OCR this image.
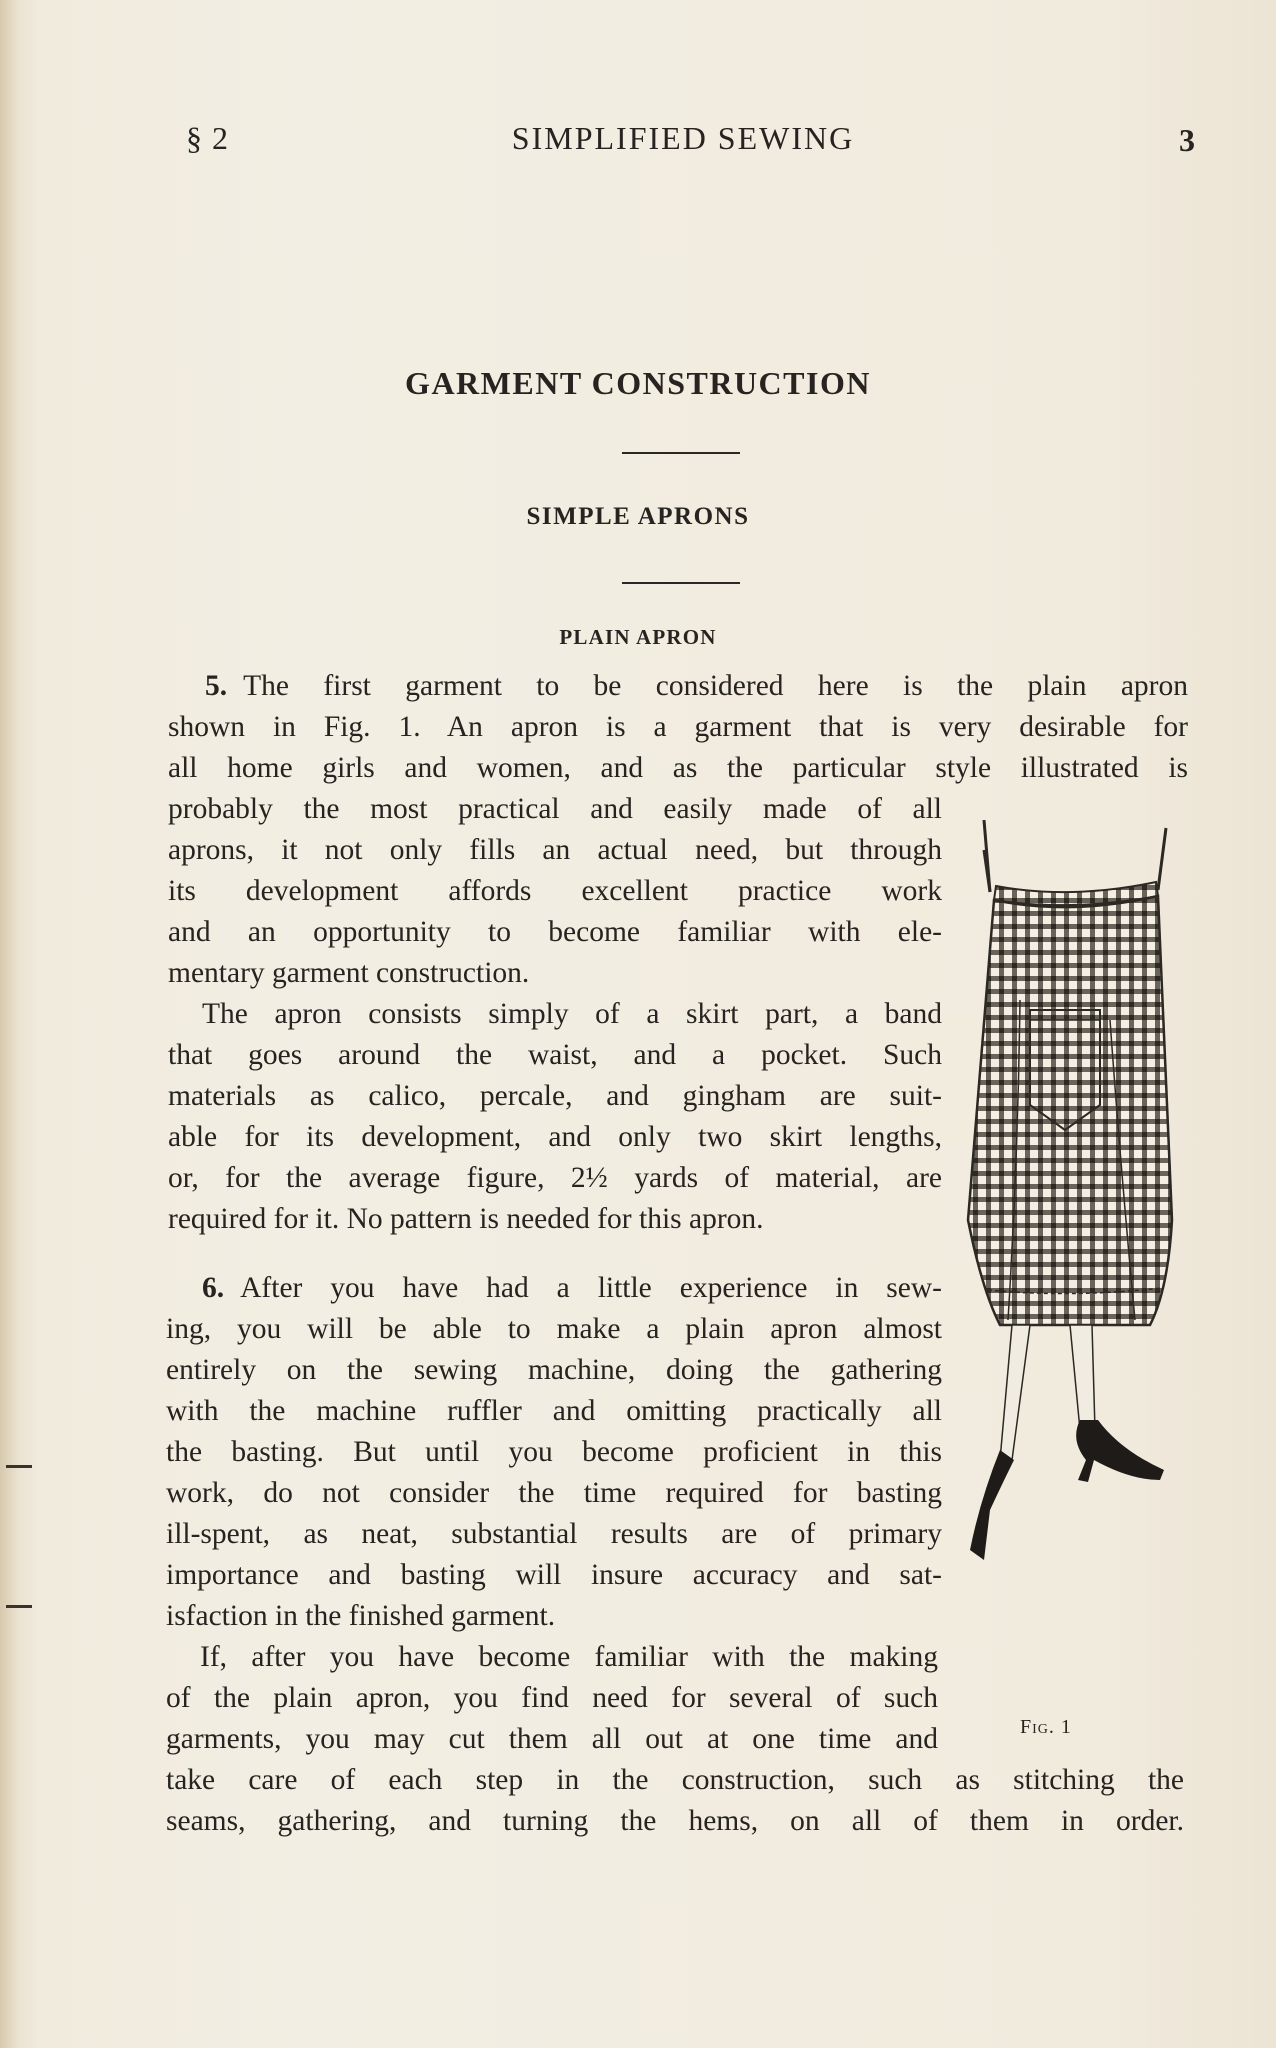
§ 2	SIMPLIFIED SEWING	3
GARMENT CONSTRUCTION
SIMPLE APRONS
PLAIN APRON
5. The first garment to be considered here is the plain apron
shown in Fig. 1. An apron is a garment that is very desirable for
all home girls and women, and as the particular style illustrated is
probably the most practical and easily made of all
aprons, it not only fills an actual need, but through
its development affords excellent practice work
and an opportunity to become familiar with ele-
mentary garment construction.
The apron consists simply of a skirt part, a band
that goes around the waist, and a pocket. Such
materials as calico, percale, and gingham are suit-
able for its development, and only two skirt lengths,
or, for the average figure, 2½ yards of material, are
required for it. No pattern is needed for this apron.
6. After you have had a little experience in sew-
ing, you will be able to make a plain apron almost
entirely on the sewing machine, doing the gathering
with the machine ruffler and omitting practically all
the basting. But until you become proficient in this
work, do not consider the time required for basting
ill-spent, as neat, substantial results are of primary
importance and basting will insure accuracy and sat-
isfaction in the finished garment.
If, after you have become familiar with the making
of the plain apron, you find need for several of such
garments, you may cut them all out at one time and
take care of each step in the construction, such as stitching the
seams, gathering, and turning the hems, on all of them in order.
Fig. 1
